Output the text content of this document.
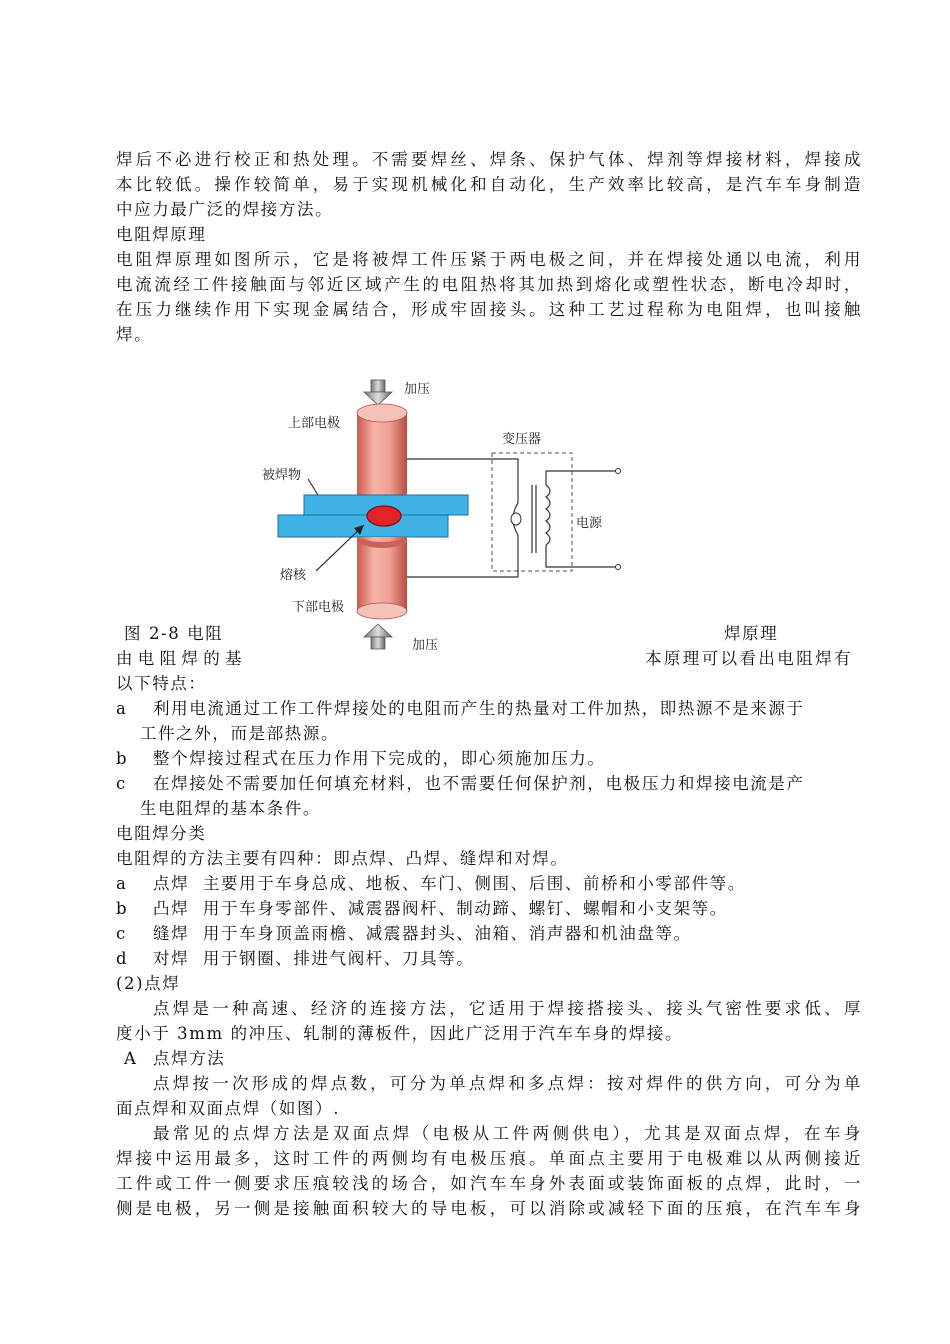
焊后不必进行校正和热处理。不需要焊丝、焊条、保护气体、焊剂等焊接材料，焊接成
本比较低。操作较简单，易于实现机械化和自动化，生产效率比较高，是汽车车身制造
中应力最广泛的焊接方法。
电阻焊原理
电阻焊原理如图所示，它是将被焊工件压紧于两电极之间，并在焊接处通以电流，利用
电流流经工件接触面与邻近区域产生的电阻热将其加热到熔化或塑性状态，断电冷却时，
在压力继续作用下实现金属结合，形成牢固接头。这种工艺过程称为电阻焊，也叫接触
焊。
加压
上部电极
被焊物
下部电极
熔核
加压
变压器
电源
图 2-8 电阻	焊原理
由电阻焊的基	本原理可以看出电阻焊有
以下特点：
a 利用电流通过工作工件焊接处的电阻而产生的热量对工件加热，即热源不是来源于
工件之外，而是部热源。
b 整个焊接过程式在压力作用下完成的，即心须施加压力。
c 在焊接处不需要加任何填充材料，也不需要任何保护剂，电极压力和焊接电流是产
生电阻焊的基本条件。
电阻焊分类
电阻焊的方法主要有四种：即点焊、凸焊、缝焊和对焊。
a 点焊  主要用于车身总成、地板、车门、侧围、后围、前桥和小零部件等。
b 凸焊  用于车身零部件、减震器阀杆、制动蹄、螺钉、螺帽和小支架等。
c 缝焊  用于车身顶盖雨檐、减震器封头、油箱、消声器和机油盘等。
d 对焊  用于钢圈、排进气阀杆、刀具等。
(2)点焊
点焊是一种高速、经济的连接方法，它适用于焊接搭接头、接头气密性要求低、厚
度小于 3mm 的冲压、轧制的薄板件，因此广泛用于汽车车身的焊接。
A 点焊方法
点焊按一次形成的焊点数，可分为单点焊和多点焊：按对焊件的供方向，可分为单
面点焊和双面点焊（如图）.
最常见的点焊方法是双面点焊（电极从工件两侧供电），尤其是双面点焊，在车身
焊接中运用最多，这时工件的两侧均有电极压痕。单面点主要用于电极难以从两侧接近
工件或工件一侧要求压痕较浅的场合，如汽车车身外表面或装饰面板的点焊，此时，一
侧是电极，另一侧是接触面积较大的导电板，可以消除或减轻下面的压痕，在汽车车身
